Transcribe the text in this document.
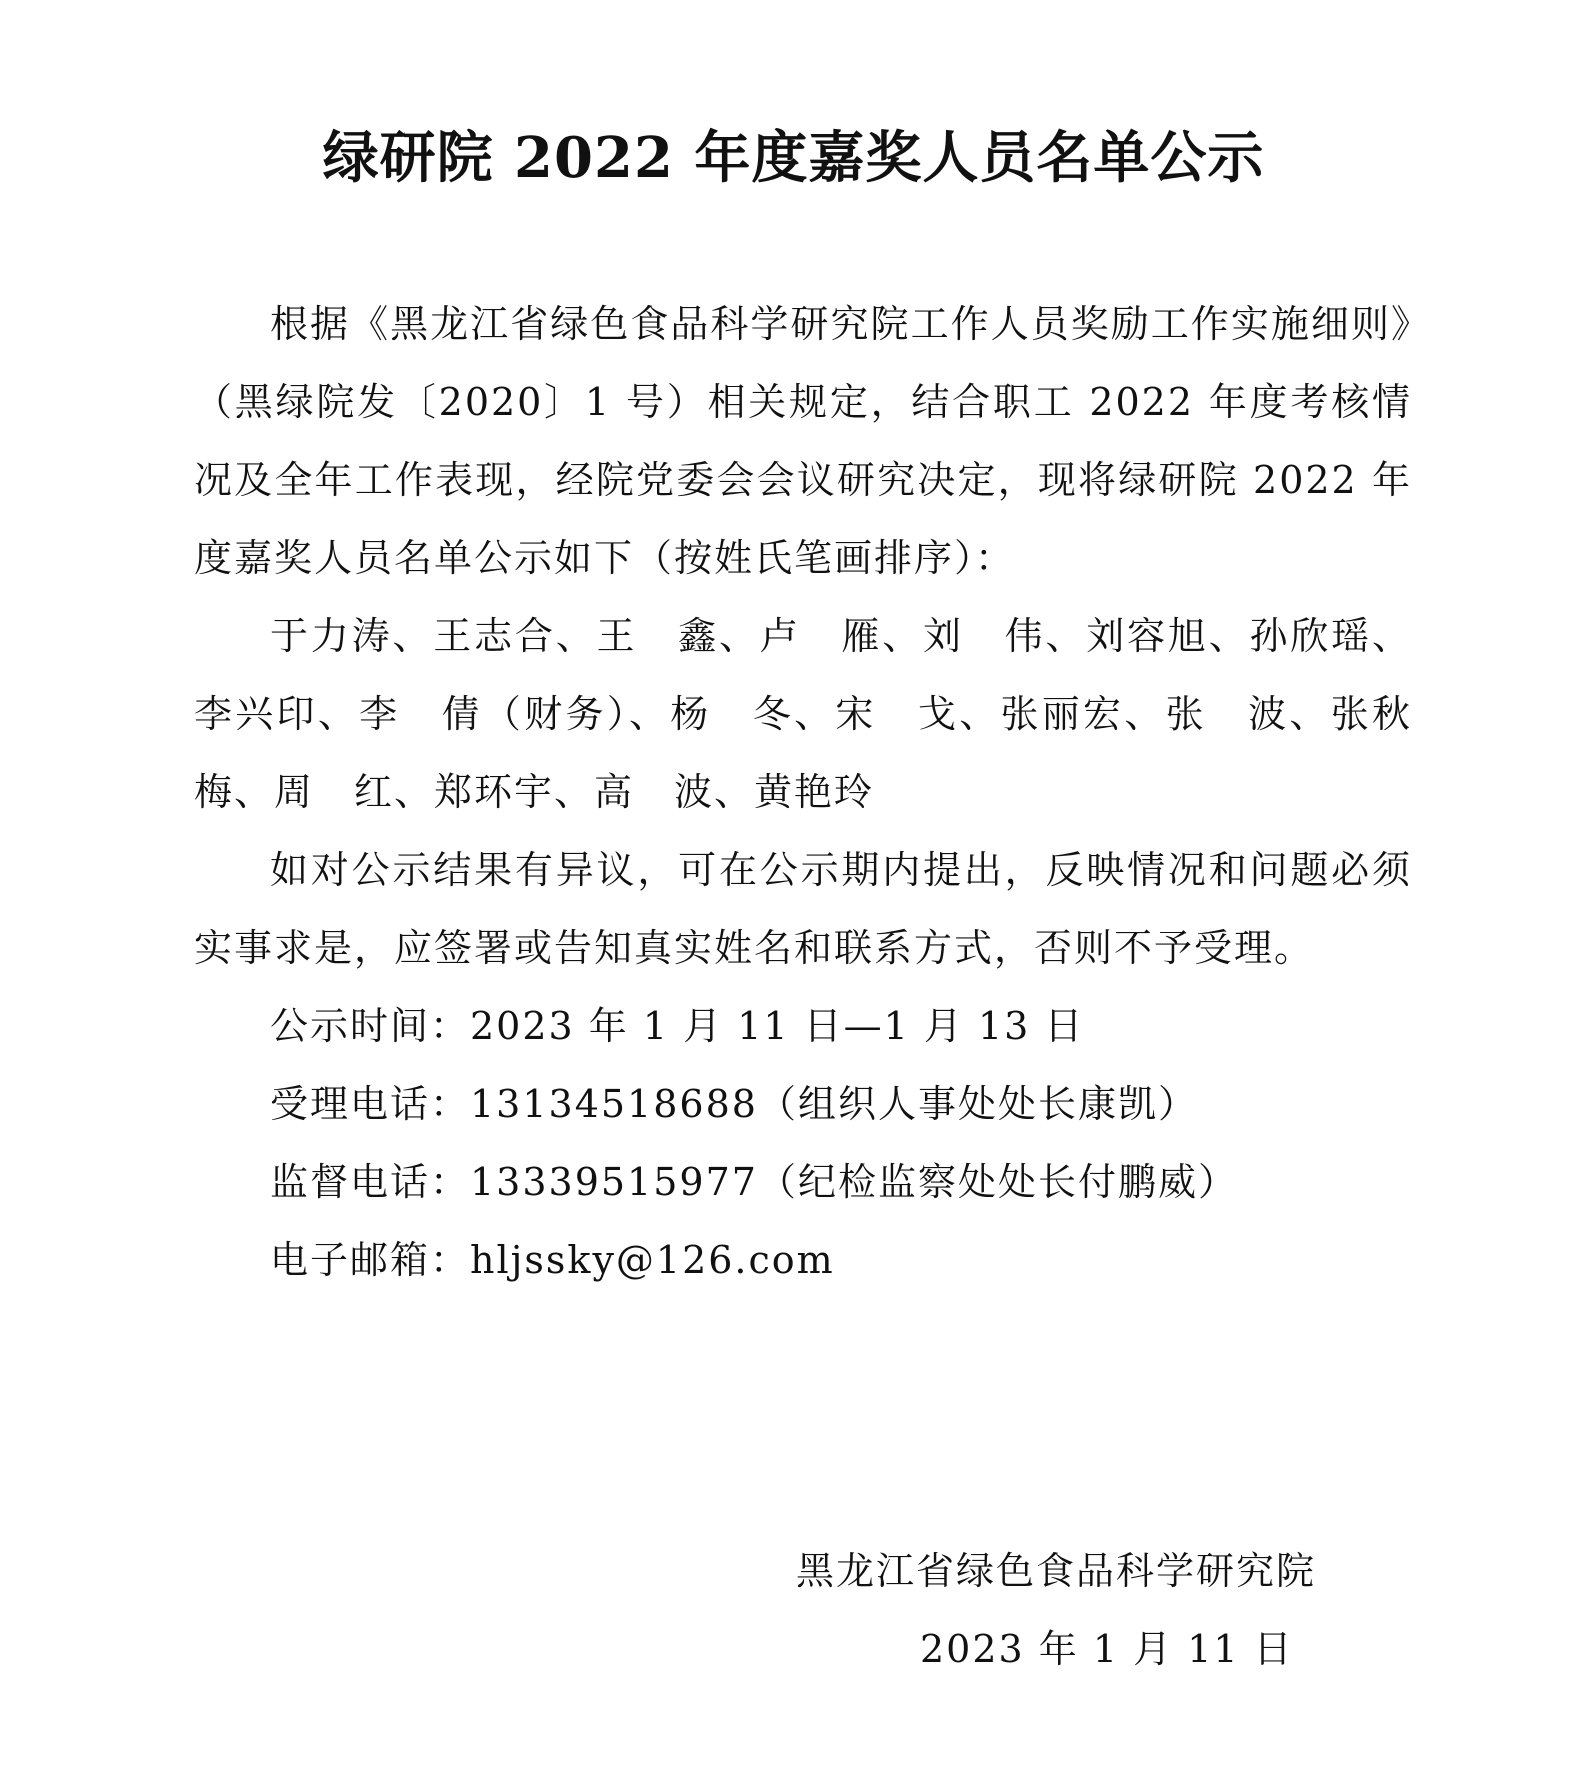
绿研院 2022 年度嘉奖人员名单公示

根据《黑龙江省绿色食品科学研究院工作人员奖励工作实施细则》（黑绿院发〔2020〕1 号）相关规定，结合职工 2022 年度考核情况及全年工作表现，经院党委会会议研究决定，现将绿研院 2022 年度嘉奖人员名单公示如下（按姓氏笔画排序）：

于力涛、王志合、王　鑫、卢　雁、刘　伟、刘容旭、孙欣瑶、李兴印、李　倩（财务）、杨　冬、宋　戈、张丽宏、张　波、张秋梅、周　红、郑环宇、高　波、黄艳玲

如对公示结果有异议，可在公示期内提出，反映情况和问题必须实事求是，应签署或告知真实姓名和联系方式，否则不予受理。

公示时间：2023 年 1 月 11 日—1 月 13 日

受理电话：13134518688（组织人事处处长康凯）

监督电话：13339515977（纪检监察处处长付鹏威）

电子邮箱：hljssky@126.com

黑龙江省绿色食品科学研究院
2023 年 1 月 11 日
